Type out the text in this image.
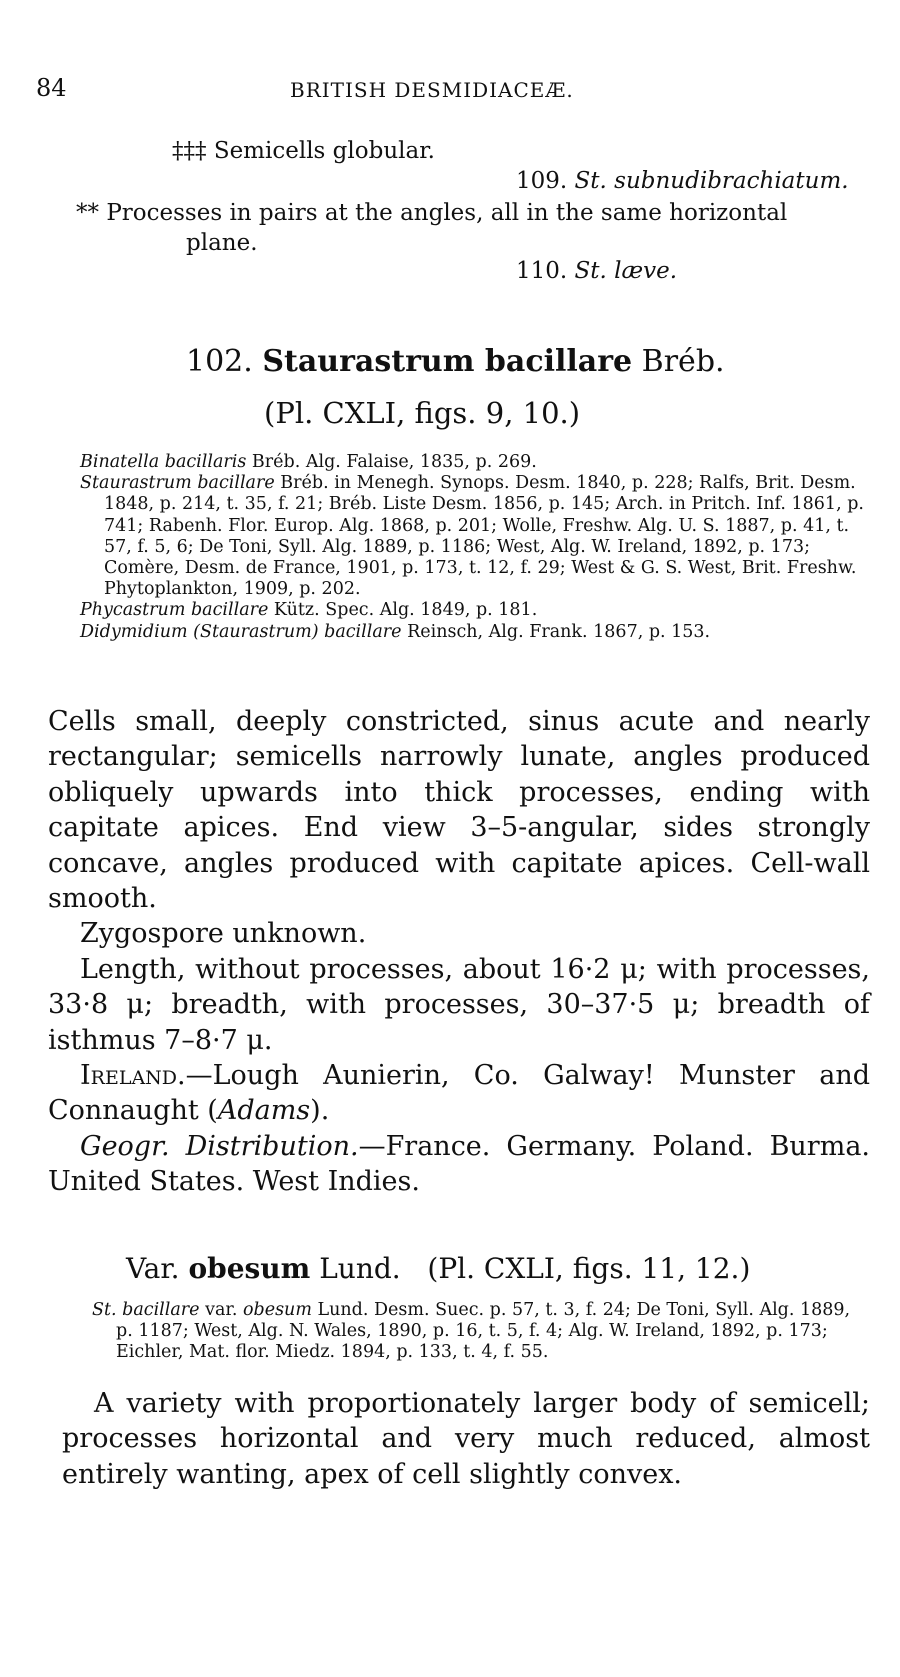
84	BRITISH DESMIDIACEÆ.
‡‡‡ Semicells globular.
109. St. subnudibrachiatum.
** Processes in pairs at the angles, all in the same horizontal
plane.
110. St. læve.
102. Staurastrum bacillare Bréb.
(Pl. CXLI, figs. 9, 10.)

Binatella bacillaris Bréb. Alg. Falaise, 1835, p. 269.

Staurastrum bacillare Bréb. in Menegh. Synops. Desm. 1840, p. 228; Ralfs, Brit. Desm. 1848, p. 214, t. 35, f. 21; Bréb. Liste Desm. 1856, p. 145; Arch. in Pritch. Inf. 1861, p. 741; Rabenh. Flor. Europ. Alg. 1868, p. 201; Wolle, Freshw. Alg. U. S. 1887, p. 41, t. 57, f. 5, 6; De Toni, Syll. Alg. 1889, p. 1186; West, Alg. W. Ireland, 1892, p. 173; Comère, Desm. de France, 1901, p. 173, t. 12, f. 29; West & G. S. West, Brit. Freshw. Phytoplankton, 1909, p. 202.

Phycastrum bacillare Kütz. Spec. Alg. 1849, p. 181.

Didymidium (Staurastrum) bacillare Reinsch, Alg. Frank. 1867, p. 153.

Cells small, deeply constricted, sinus acute and nearly rectangular; semicells narrowly lunate, angles produced obliquely upwards into thick processes, ending with capitate apices. End view 3–5-angular, sides strongly concave, angles produced with capitate apices. Cell-wall smooth.

Zygospore unknown.

Length, without processes, about 16·2 μ; with processes, 33·8 μ; breadth, with processes, 30–37·5 μ; breadth of isthmus 7–8·7 μ.

Ireland.—Lough Aunierin, Co. Galway! Munster and Connaught (Adams).

Geogr. Distribution.—France. Germany. Poland. Burma. United States. West Indies.

Var. obesum Lund. (Pl. CXLI, figs. 11, 12.)

St. bacillare var. obesum Lund. Desm. Suec. p. 57, t. 3, f. 24; De Toni, Syll. Alg. 1889, p. 1187; West, Alg. N. Wales, 1890, p. 16, t. 5, f. 4; Alg. W. Ireland, 1892, p. 173; Eichler, Mat. flor. Miedz. 1894, p. 133, t. 4, f. 55.

A variety with proportionately larger body of semicell; processes horizontal and very much reduced, almost entirely wanting, apex of cell slightly convex.
